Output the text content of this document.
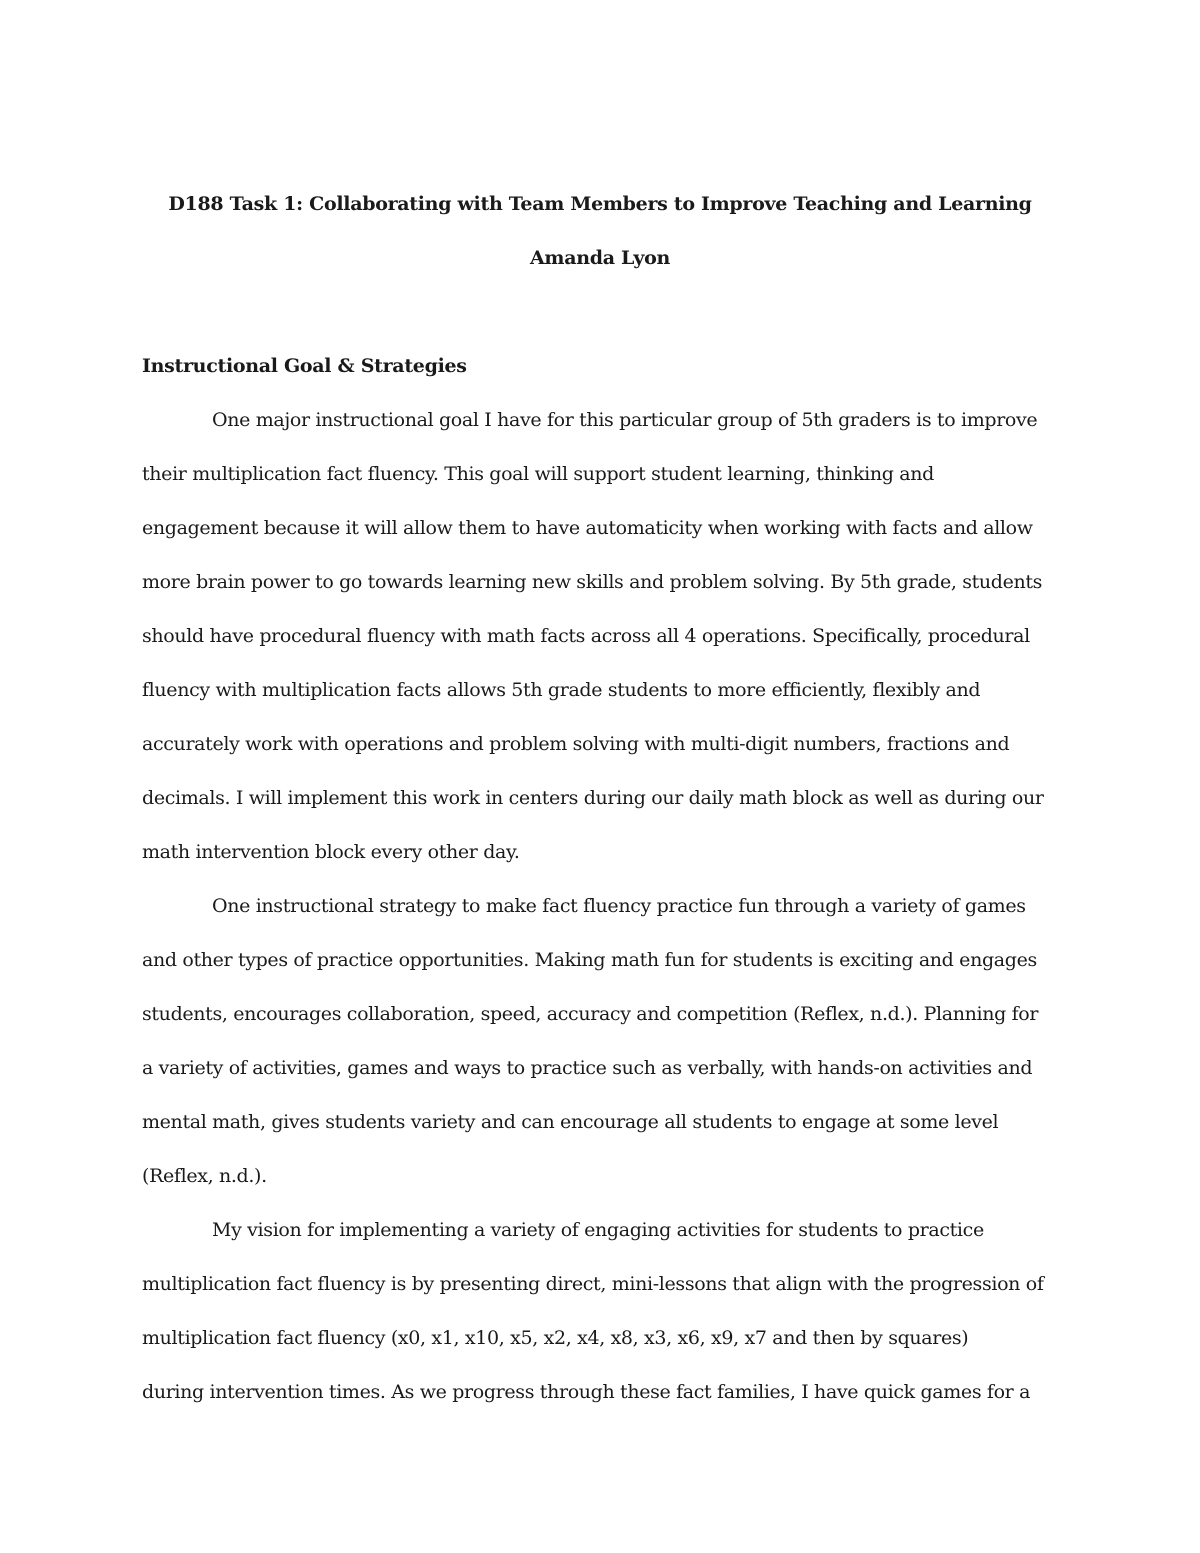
D188 Task 1: Collaborating with Team Members to Improve Teaching and Learning
Amanda Lyon
Instructional Goal & Strategies
One major instructional goal I have for this particular group of 5th graders is to improve
their multiplication fact fluency. This goal will support student learning, thinking and
engagement because it will allow them to have automaticity when working with facts and allow
more brain power to go towards learning new skills and problem solving. By 5th grade, students
should have procedural fluency with math facts across all 4 operations. Specifically, procedural
fluency with multiplication facts allows 5th grade students to more efficiently, flexibly and
accurately work with operations and problem solving with multi-digit numbers, fractions and
decimals. I will implement this work in centers during our daily math block as well as during our
math intervention block every other day.
One instructional strategy to make fact fluency practice fun through a variety of games
and other types of practice opportunities. Making math fun for students is exciting and engages
students, encourages collaboration, speed, accuracy and competition (Reflex, n.d.). Planning for
a variety of activities, games and ways to practice such as verbally, with hands-on activities and
mental math, gives students variety and can encourage all students to engage at some level
(Reflex, n.d.).
My vision for implementing a variety of engaging activities for students to practice
multiplication fact fluency is by presenting direct, mini-lessons that align with the progression of
multiplication fact fluency (x0, x1, x10, x5, x2, x4, x8, x3, x6, x9, x7 and then by squares)
during intervention times. As we progress through these fact families, I have quick games for a
